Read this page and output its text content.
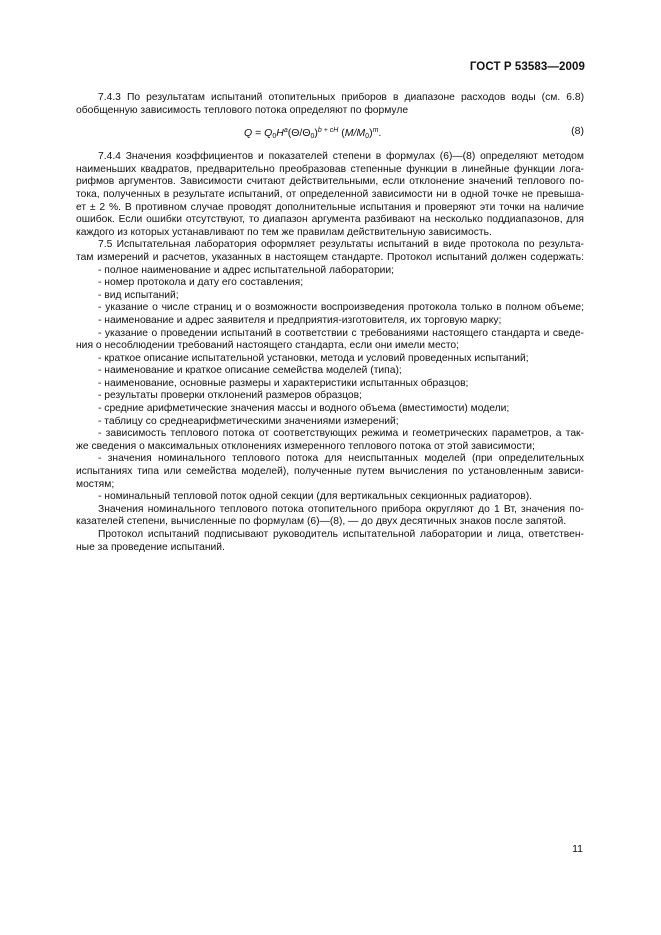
ГОСТ Р 53583—2009
7.4.3 По результатам испытаний отопительных приборов в диапазоне расходов воды (см. 6.8)
обобщенную зависимость теплового потока определяют по формуле
$Q = Q_0H^a(\Theta/\Theta_0)^{b + cH}$ $(M/M_0)^m$.	(8)
7.4.4 Значения коэффициентов и показателей степени в формулах (6)—(8) определяют методом
наименьших квадратов, предварительно преобразовав степенные функции в линейные функции лога-
рифмов аргументов. Зависимости считают действительными, если отклонение значений теплового по-
тока, полученных в результате испытаний, от определенной зависимости ни в одной точке не превыша-
ет ± 2 %. В противном случае проводят дополнительные испытания и проверяют эти точки на наличие
ошибок. Если ошибки отсутствуют, то диапазон аргумента разбивают на несколько поддиапазонов, для
каждого из которых устанавливают по тем же правилам действительную зависимость.
7.5 Испытательная лаборатория оформляет результаты испытаний в виде протокола по результа-
там измерений и расчетов, указанных в настоящем стандарте. Протокол испытаний должен содержать:
- полное наименование и адрес испытательной лаборатории;
- номер протокола и дату его составления;
- вид испытаний;
- указание о числе страниц и о возможности воспроизведения протокола только в полном объеме;
- наименование и адрес заявителя и предприятия-изготовителя, их торговую марку;
- указание о проведении испытаний в соответствии с требованиями настоящего стандарта и сведе-
ния о несоблюдении требований настоящего стандарта, если они имели место;
- краткое описание испытательной установки, метода и условий проведенных испытаний;
- наименование и краткое описание семейства моделей (типа);
- наименование, основные размеры и характеристики испытанных образцов;
- результаты проверки отклонений размеров образцов;
- средние арифметические значения массы и водного объема (вместимости) модели;
- таблицу со среднеарифметическими значениями измерений;
- зависимость теплового потока от соответствующих режима и геометрических параметров, а так-
же сведения о максимальных отклонениях измеренного теплового потока от этой зависимости;
- значения номинального теплового потока для неиспытанных моделей (при определительных
испытаниях типа или семейства моделей), полученные путем вычисления по установленным зависи-
мостям;
- номинальный тепловой поток одной секции (для вертикальных секционных радиаторов).
Значения номинального теплового потока отопительного прибора округляют до 1 Вт, значения по-
казателей степени, вычисленные по формулам (6)—(8), — до двух десятичных знаков после запятой.
Протокол испытаний подписывают руководитель испытательной лаборатории и лица, ответствен-
ные за проведение испытаний.
11
